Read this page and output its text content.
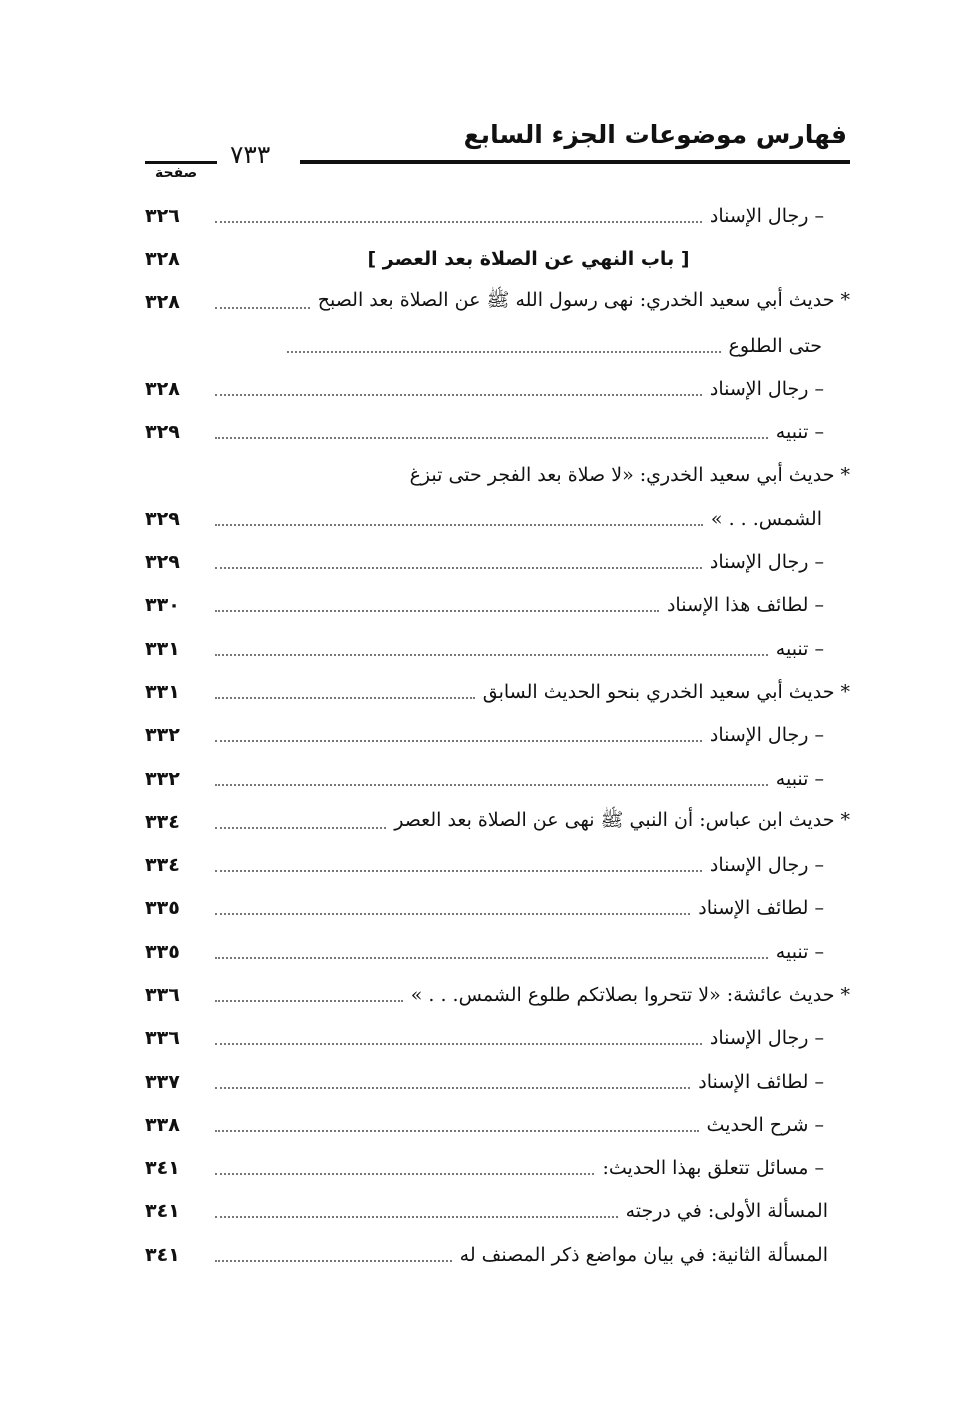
فهارس موضوعات الجزء السابع
٧٣٣
صفحة
– رجال الإسناد
٣٢٦
[ باب النهي عن الصلاة بعد العصر ]
٣٢٨
* حديث أبي سعيد الخدري: نهى رسول الله ﷺ عن الصلاة بعد الصبح
٣٢٨
حتى الطلوع
– رجال الإسناد
٣٢٨
– تنبيه
٣٢٩
* حديث أبي سعيد الخدري: «لا صلاة بعد الفجر حتى تبزغ
الشمس. . . »
٣٢٩
– رجال الإسناد
٣٢٩
– لطائف هذا الإسناد
٣٣٠
– تنبيه
٣٣١
* حديث أبي سعيد الخدري بنحو الحديث السابق
٣٣١
– رجال الإسناد
٣٣٢
– تنبيه
٣٣٢
* حديث ابن عباس: أن النبي ﷺ نهى عن الصلاة بعد العصر
٣٣٤
– رجال الإسناد
٣٣٤
– لطائف الإسناد
٣٣٥
– تنبيه
٣٣٥
* حديث عائشة: «لا تتحروا بصلاتكم طلوع الشمس. . . »
٣٣٦
– رجال الإسناد
٣٣٦
– لطائف الإسناد
٣٣٧
– شرح الحديث
٣٣٨
– مسائل تتعلق بهذا الحديث:
٣٤١
المسألة الأولى: في درجته
٣٤١
المسألة الثانية: في بيان مواضع ذكر المصنف له
٣٤١
